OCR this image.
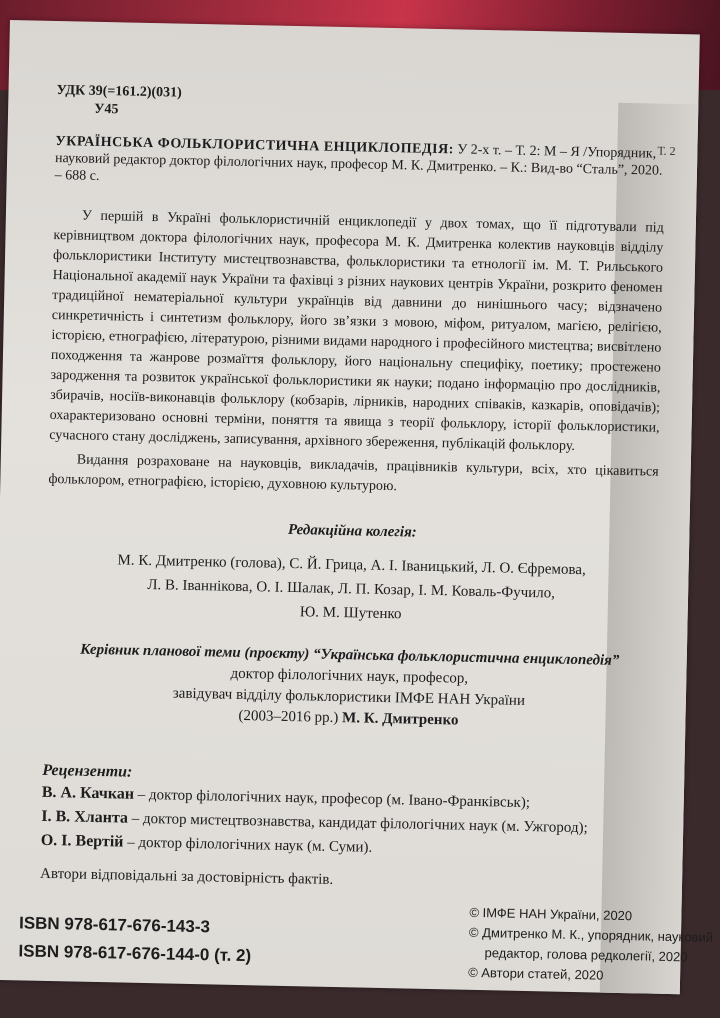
Т. 2
УДК 39(=161.2)(031)
У45

УКРАЇНСЬКА ФОЛЬКЛОРИСТИЧНА ЕНЦИКЛОПЕДІЯ: У 2-х т. – Т. 2: М – Я /Упорядник, науковий редактор доктор філологічних наук, професор М. К. Дмитренко. – К.: Вид-во “Сталь”, 2020. – 688 с.

У першій в Україні фольклористичній енциклопедії у двох томах, що її підготували під керівництвом доктора філологічних наук, професора М. К. Дмитренка колектив науковців відділу фольклористики Інституту мистецтвознавства, фольклористики та етнології ім. М. Т. Рильського Національної академії наук України та фахівці з різних наукових центрів України, розкрито феномен традиційної нематеріальної культури українців від давнини до нинішнього часу; відзначено синкретичність і синтетизм фольклору, його зв’язки з мовою, міфом, ритуалом, магією, релігією, історією, етнографією, літературою, різними видами народного і професійного мистецтва; висвітлено походження та жанрове розмаїття фольклору, його національну специфіку, поетику; простежено зародження та розвиток української фольклористики як науки; подано інформацію про дослідників, збирачів, носіїв-виконавців фольклору (кобзарів, лірників, народних співаків, казкарів, оповідачів); охарактеризовано основні терміни, поняття та явища з теорії фольклору, історії фольклористики, сучасного стану досліджень, записування, архівного збереження, публікацій фольклору.

Видання розраховане на науковців, викладачів, працівників культури, всіх, хто цікавиться фольклором, етнографією, історією, духовною культурою.

Редакційна колегія:
М. К. Дмитренко (голова), С. Й. Грица, А. І. Іваницький, Л. О. Єфремова,
Л. В. Іваннікова, О. І. Шалак, Л. П. Козар, І. М. Коваль-Фучило,
Ю. М. Шутенко
Керівник планової теми (проєкту) “Українська фольклористична енциклопедія”
доктор філологічних наук, професор,
завідувач відділу фольклористики ІМФЕ НАН України
(2003–2016 рр.) М. К. Дмитренко
Рецензенти:
В. А. Качкан – доктор філологічних наук, професор (м. Івано-Франківськ);
І. В. Хланта – доктор мистецтвознавства, кандидат філологічних наук (м. Ужгород);
О. І. Вертій – доктор філологічних наук (м. Суми).
Автори відповідальні за достовірність фактів.
ISBN 978-617-676-143-3
ISBN 978-617-676-144-0 (т. 2)
© ІМФЕ НАН України, 2020
© Дмитренко М. К., упорядник, науковий
редактор, голова редколегії, 2020
© Автори статей, 2020
